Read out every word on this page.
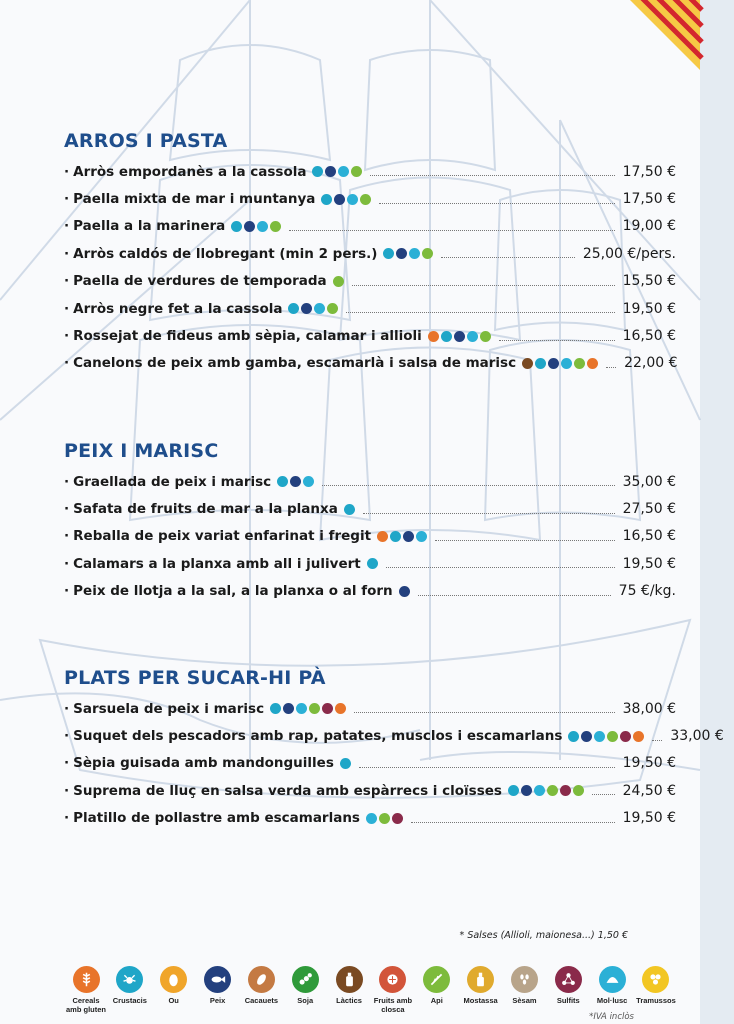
ARROS I PASTA
· Arròs empordanès a la cassola	17,50 €
· Paella mixta de mar i muntanya	17,50 €
· Paella a la marinera	19,00 €
· Arròs caldós de llobregant (min 2 pers.)	25,00 €/pers.
· Paella de verdures de temporada	15,50 €
· Arròs negre fet a la cassola	19,50 €
· Rossejat de fideus amb sèpia, calamar i allioli	16,50 €
· Canelons de peix amb gamba, escamarlà i salsa de marisc	22,00 €
PEIX I MARISC
· Graellada de peix i marisc	35,00 €
· Safata de fruits de mar a la planxa	27,50 €
· Reballa de peix variat enfarinat i fregit	16,50 €
· Calamars a la planxa amb all i julivert	19,50 €
· Peix de llotja a la sal, a la planxa o al forn	75 €/kg.
PLATS PER SUCAR-HI PÀ
· Sarsuela de peix i marisc	38,00 €
· Suquet dels pescadors amb rap, patates, musclos i escamarlans	33,00 €
· Sèpia guisada amb mandonguilles	19,50 €
· Suprema de lluç en salsa verda amb espàrrecs i cloïsses	24,50 €
· Platillo de pollastre amb escamarlans	19,50 €
* Salses (Allioli, maionesa...) 1,50 €
Cereals amb gluten
Crustacis	Ou	Peix	Cacauets	Soja	Làctics	Fruits amb closca
Api	Mostassa	Sèsam	Sulfits	Mol·lusc	Tramussos
*IVA inclòs
